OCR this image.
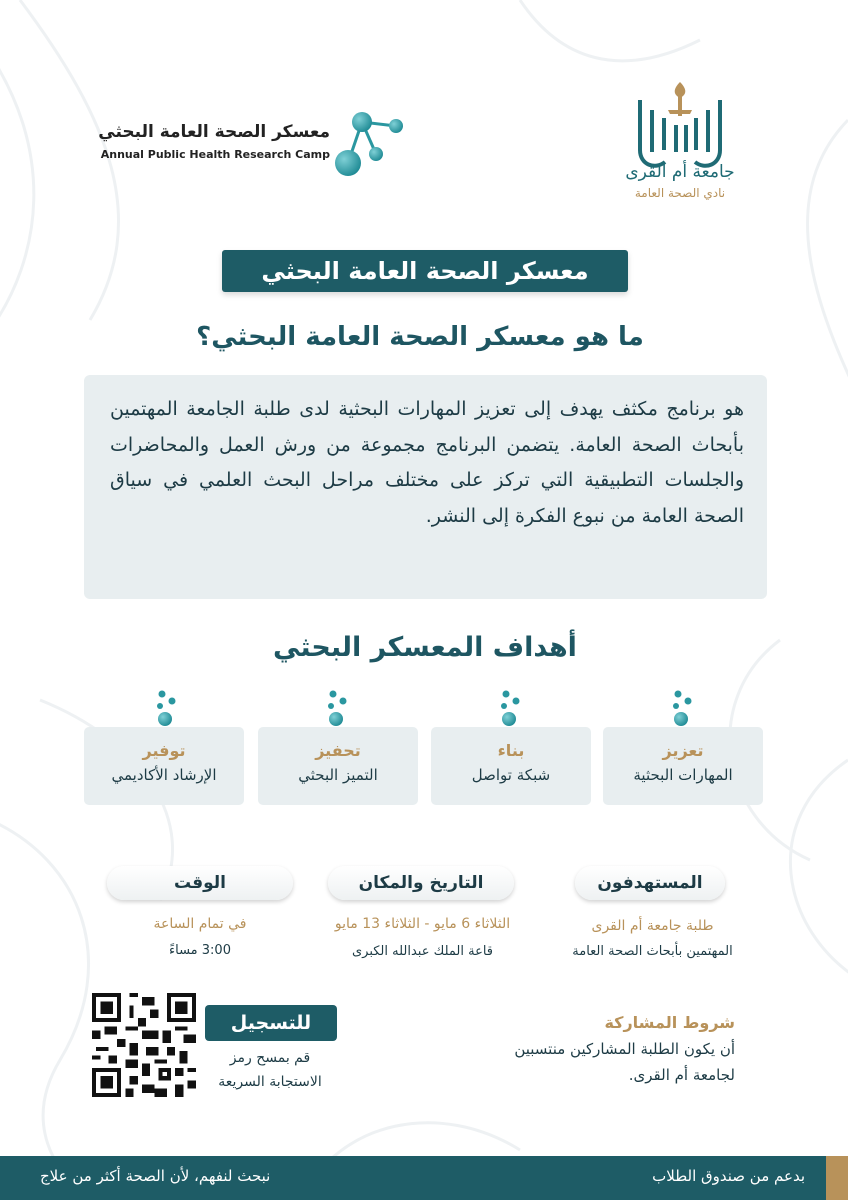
جامعة أم القرى
نادي الصحة العامة
معسكر الصحة العامة البحثي
Annual Public Health Research Camp
معسكر الصحة العامة البحثي
ما هو معسكر الصحة العامة البحثي؟
هو برنامج مكثف يهدف إلى تعزيز المهارات البحثية لدى طلبة الجامعة المهتمين بأبحاث الصحة العامة. يتضمن البرنامج مجموعة من ورش العمل والمحاضرات والجلسات التطبيقية التي تركز على مختلف مراحل البحث العلمي في سياق الصحة العامة من نبوع الفكرة إلى النشر.
أهداف المعسكر البحثي
تعزيز
المهارات البحثية
بناء
شبكة تواصل
تحفيز
التميز البحثي
توفير
الإرشاد الأكاديمي
المستهدفون
طلبة جامعة أم القرى
المهتمين بأبحاث الصحة العامة
التاريخ والمكان
الثلاثاء 6 مايو - الثلاثاء 13 مايو
قاعة الملك عبدالله الكبرى
الوقت
في تمام الساعة
3:00 مساءً
للتسجيل
قم بمسح رمز
الاستجابة السريعة
شروط المشاركة
أن يكون الطلبة المشاركين منتسبين
لجامعة أم القرى.
نبحث لنفهم، لأن الصحة أكثر من علاج	بدعم من صندوق الطلاب
